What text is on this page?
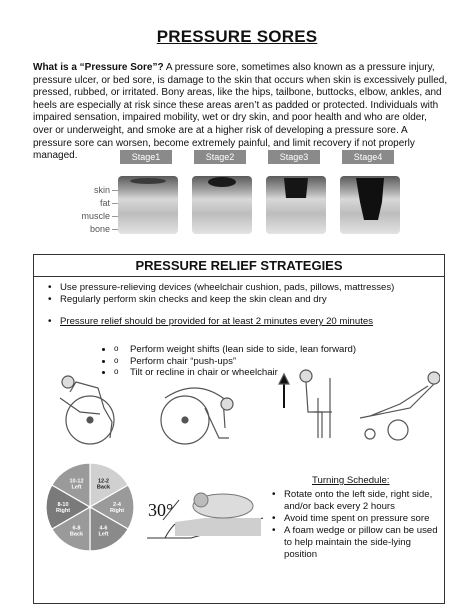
PRESSURE SORES
What is a “Pressure Sore”? A pressure sore, sometimes also known as a pressure injury, pressure ulcer, or bed sore, is damage to the skin that occurs when skin is excessively pulled, pressed, rubbed, or irritated. Bony areas, like the hips, tailbone, buttocks, elbow, ankles, and heels are especially at risk since these areas aren’t as padded or protected. Individuals with impaired sensation, impaired mobility, wet or dry skin, and poor health and who are older, over or underweight, and smoke are at a higher risk of developing a pressure sore. A pressure sore can worsen, become extremely painful, and limit recovery if not properly managed.
skin
fat
muscle
bone
Stage1	Stage2	Stage3	Stage4
PRESSURE RELIEF STRATEGIES
• Use pressure-relieving devices (wheelchair cushion, pads, pillows, mattresses)
• Regularly perform skin checks and keep the skin clean and dry
• Pressure relief should be provided for at least 2 minutes every 20 minutes
o • Perform weight shifts (lean side to side, lean forward)
o • Perform chair “push-ups”
o • Tilt or recline in chair or wheelchair
12-2 Back
2-4 Right
4-6 Left
6-8 Back
8-10 Right
10-12 Left
30°
Turning Schedule:
• Rotate onto the left side, right side, and/or back every 2 hours
• Avoid time spent on pressure sore
• A foam wedge or pillow can be used to help maintain the side-lying position
